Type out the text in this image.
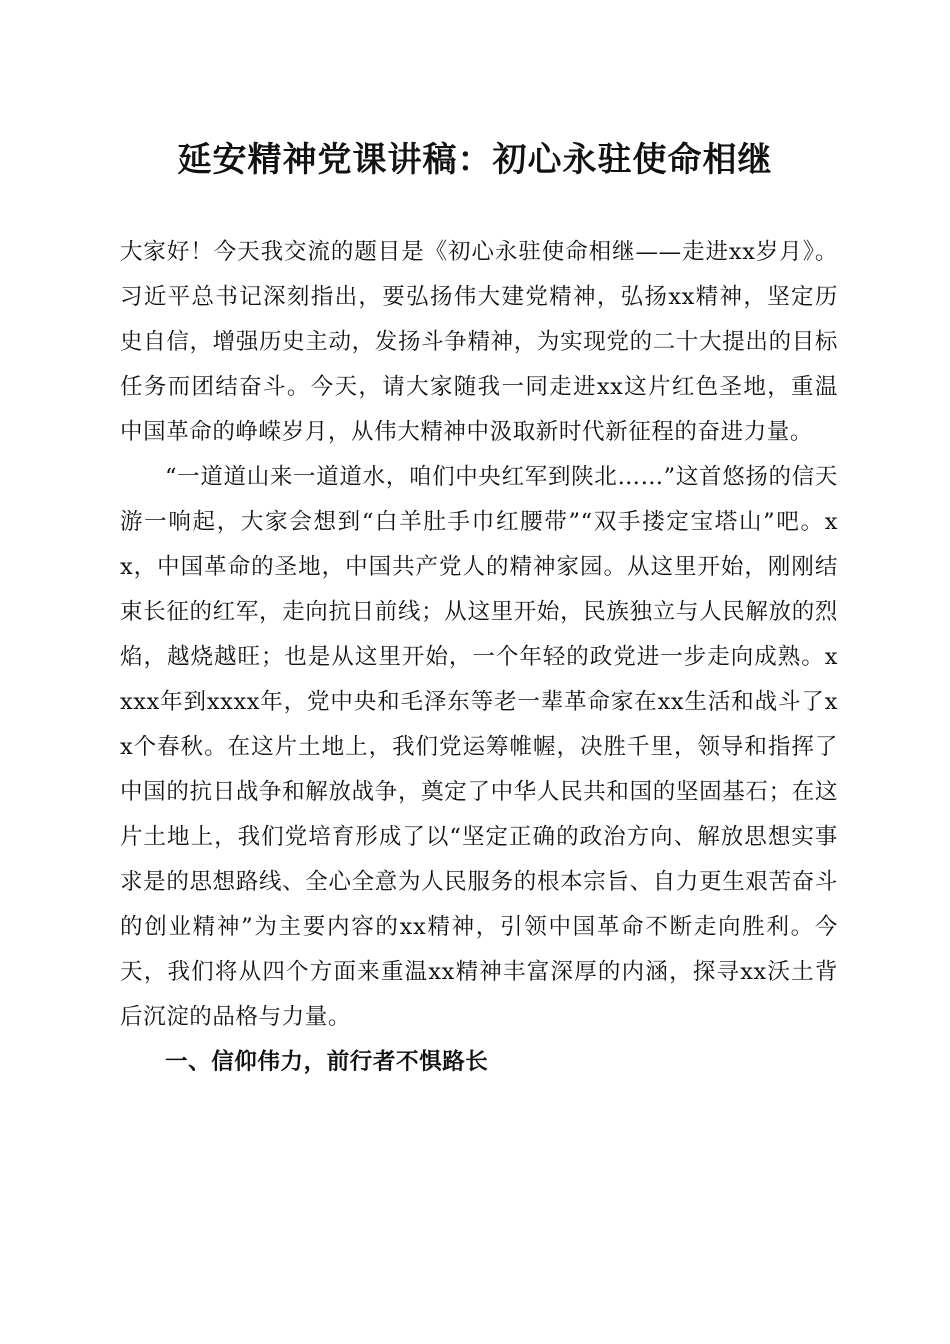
延安精神党课讲稿：初心永驻使命相继

大家好！今天我交流的题目是《初心永驻使命相继——走进xx岁月》。习近平总书记深刻指出，要弘扬伟大建党精神，弘扬xx精神，坚定历史自信，增强历史主动，发扬斗争精神，为实现党的二十大提出的目标任务而团结奋斗。今天，请大家随我一同走进xx这片红色圣地，重温中国革命的峥嵘岁月，从伟大精神中汲取新时代新征程的奋进力量。

“一道道山来一道道水，咱们中央红军到陕北……”这首悠扬的信天游一响起，大家会想到“白羊肚手巾红腰带”“双手搂定宝塔山”吧。xx，中国革命的圣地，中国共产党人的精神家园。从这里开始，刚刚结束长征的红军，走向抗日前线；从这里开始，民族独立与人民解放的烈焰，越烧越旺；也是从这里开始，一个年轻的政党进一步走向成熟。xxxx年到xxxx年，党中央和毛泽东等老一辈革命家在xx生活和战斗了xx个春秋。在这片土地上，我们党运筹帷幄，决胜千里，领导和指挥了中国的抗日战争和解放战争，奠定了中华人民共和国的坚固基石；在这片土地上，我们党培育形成了以“坚定正确的政治方向、解放思想实事求是的思想路线、全心全意为人民服务的根本宗旨、自力更生艰苦奋斗的创业精神”为主要内容的xx精神，引领中国革命不断走向胜利。今天，我们将从四个方面来重温xx精神丰富深厚的内涵，探寻xx沃土背后沉淀的品格与力量。

一、信仰伟力，前行者不惧路长
